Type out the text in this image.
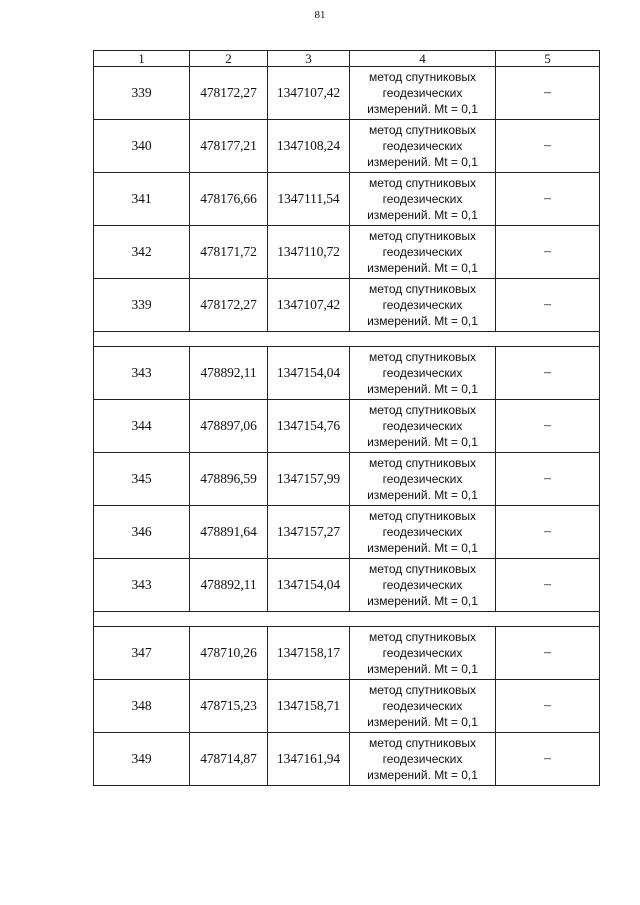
81
1	2	3	4	5
339	478172,27	1347107,42	метод спутниковых
геодезических
измерений. Mt = 0,1	–
340	478177,21	1347108,24	метод спутниковых
геодезических
измерений. Mt = 0,1	–
341	478176,66	1347111,54	метод спутниковых
геодезических
измерений. Mt = 0,1	–
342	478171,72	1347110,72	метод спутниковых
геодезических
измерений. Mt = 0,1	–
339	478172,27	1347107,42	метод спутниковых
геодезических
измерений. Mt = 0,1	–

343	478892,11	1347154,04	метод спутниковых
геодезических
измерений. Mt = 0,1	–
344	478897,06	1347154,76	метод спутниковых
геодезических
измерений. Mt = 0,1	–
345	478896,59	1347157,99	метод спутниковых
геодезических
измерений. Mt = 0,1	–
346	478891,64	1347157,27	метод спутниковых
геодезических
измерений. Mt = 0,1	–
343	478892,11	1347154,04	метод спутниковых
геодезических
измерений. Mt = 0,1	–

347	478710,26	1347158,17	метод спутниковых
геодезических
измерений. Mt = 0,1	–
348	478715,23	1347158,71	метод спутниковых
геодезических
измерений. Mt = 0,1	–
349	478714,87	1347161,94	метод спутниковых
геодезических
измерений. Mt = 0,1	–
